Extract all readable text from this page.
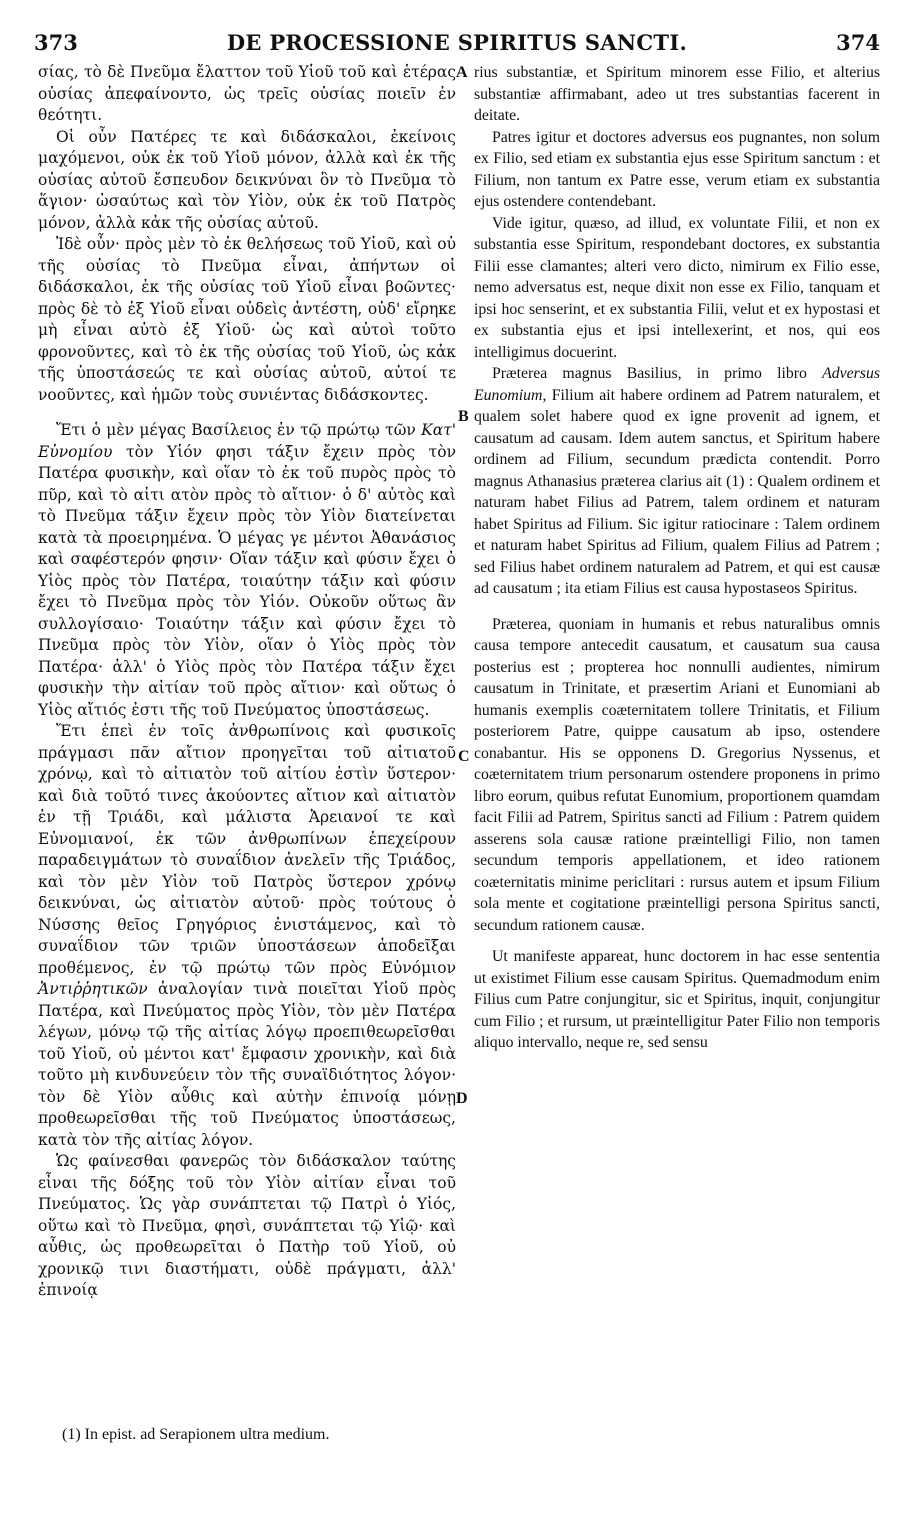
373	DE PROCESSIONE SPIRITUS SANCTI.	374

σίας, τὸ δὲ Πνεῦμα ἔλαττον τοῦ Υἱοῦ τοῦ καὶ ἑτέρας οὐσίας ἀπεφαίνοντο, ὡς τρεῖς οὐσίας ποιεῖν ἐν θεότητι.

Οἱ οὖν Πατέρες τε καὶ διδάσκαλοι, ἐκείνοις μαχόμενοι, οὐκ ἐκ τοῦ Υἱοῦ μόνον, ἀλλὰ καὶ ἐκ τῆς οὐσίας αὐτοῦ ἔσπευδον δεικνύναι ὂν τὸ Πνεῦμα τὸ ἅγιον· ὡσαύτως καὶ τὸν Υἱὸν, οὐκ ἐκ τοῦ Πατρὸς μόνον, ἀλλὰ κἀκ τῆς οὐσίας αὐτοῦ.

Ἰδὲ οὖν· πρὸς μὲν τὸ ἐκ θελήσεως τοῦ Υἱοῦ, καὶ οὐ τῆς οὐσίας τὸ Πνεῦμα εἶναι, ἀπήντων οἱ διδάσκαλοι, ἐκ τῆς οὐσίας τοῦ Υἱοῦ εἶναι βοῶντες· πρὸς δὲ τὸ ἐξ Υἱοῦ εἶναι οὐδεὶς ἀντέστη, οὐδ' εἴρηκε μὴ εἶναι αὐτὸ ἐξ Υἱοῦ· ὡς καὶ αὐτοὶ τοῦτο φρονοῦντες, καὶ τὸ ἐκ τῆς οὐσίας τοῦ Υἱοῦ, ὡς κἀκ τῆς ὑποστάσεώς τε καὶ οὐσίας αὐτοῦ, αὐτοί τε νοοῦντες, καὶ ἡμῶν τοὺς συνιέντας διδάσκοντες.

Ἔτι ὁ μὲν μέγας Βασίλειος ἐν τῷ πρώτῳ τῶν Κατ' Εὐνομίου τὸν Υἱόν φησι τάξιν ἔχειν πρὸς τὸν Πατέρα φυσικὴν, καὶ οἵαν τὸ ἐκ τοῦ πυρὸς πρὸς τὸ πῦρ, καὶ τὸ αἰτι ατὸν πρὸς τὸ αἴτιον· ὁ δ' αὐτὸς καὶ τὸ Πνεῦμα τάξιν ἔχειν πρὸς τὸν Υἱὸν διατείνεται κατὰ τὰ προειρημένα. Ὁ μέγας γε μέντοι Ἀθανάσιος καὶ σαφέστερόν φησιν· Οἵαν τάξιν καὶ φύσιν ἔχει ὁ Υἱὸς πρὸς τὸν Πατέρα, τοιαύτην τάξιν καὶ φύσιν ἔχει τὸ Πνεῦμα πρὸς τὸν Υἱόν. Οὐκοῦν οὕτως ἂν συλλογίσαιο· Τοιαύτην τάξιν καὶ φύσιν ἔχει τὸ Πνεῦμα πρὸς τὸν Υἱὸν, οἵαν ὁ Υἱὸς πρὸς τὸν Πατέρα· ἀλλ' ὁ Υἱὸς πρὸς τὸν Πατέρα τάξιν ἔχει φυσικὴν τὴν αἰτίαν τοῦ πρὸς αἴτιον· καὶ οὕτως ὁ Υἱὸς αἴτιός ἐστι τῆς τοῦ Πνεύματος ὑποστάσεως.

Ἔτι ἐπεὶ ἐν τοῖς ἀνθρωπίνοις καὶ φυσικοῖς πράγμασι πᾶν αἴτιον προηγεῖται τοῦ αἰτιατοῦ χρόνῳ, καὶ τὸ αἰτιατὸν τοῦ αἰτίου ἐστὶν ὕστερον· καὶ διὰ τοῦτό τινες ἀκούοντες αἴτιον καὶ αἰτιατὸν ἐν τῇ Τριάδι, καὶ μάλιστα Ἀρειανοί τε καὶ Εὐνομιανοί, ἐκ τῶν ἀνθρωπίνων ἐπεχείρουν παραδειγμάτων τὸ συναΐδιον ἀνελεῖν τῆς Τριάδος, καὶ τὸν μὲν Υἱὸν τοῦ Πατρὸς ὕστερον χρόνῳ δεικνύναι, ὡς αἰτιατὸν αὐτοῦ· πρὸς τούτους ὁ Νύσσης θεῖος Γρηγόριος ἐνιστάμενος, καὶ τὸ συναΐδιον τῶν τριῶν ὑποστάσεων ἀποδεῖξαι προθέμενος, ἐν τῷ πρώτῳ τῶν πρὸς Εὐνόμιον Ἀντιῤῥητικῶν ἀναλογίαν τινὰ ποιεῖται Υἱοῦ πρὸς Πατέρα, καὶ Πνεύματος πρὸς Υἱὸν, τὸν μὲν Πατέρα λέγων, μόνῳ τῷ τῆς αἰτίας λόγῳ προεπιθεωρεῖσθαι τοῦ Υἱοῦ, οὐ μέντοι κατ' ἔμφασιν χρονικὴν, καὶ διὰ τοῦτο μὴ κινδυνεύειν τὸν τῆς συναϊδιότητος λόγον· τὸν δὲ Υἱὸν αὖθις καὶ αὐτὴν ἐπινοίᾳ μόνῃ προθεωρεῖσθαι τῆς τοῦ Πνεύματος ὑποστάσεως, κατὰ τὸν τῆς αἰτίας λόγον.

Ὡς φαίνεσθαι φανερῶς τὸν διδάσκαλον ταύτης εἶναι τῆς δόξης τοῦ τὸν Υἱὸν αἰτίαν εἶναι τοῦ Πνεύματος. Ὡς γὰρ συνάπτεται τῷ Πατρὶ ὁ Υἱός, οὕτω καὶ τὸ Πνεῦμα, φησὶ, συνάπτεται τῷ Υἱῷ· καὶ αὖθις, ὡς προθεωρεῖται ὁ Πατὴρ τοῦ Υἱοῦ, οὐ χρονικῷ τινι διαστήματι, οὐδὲ πράγματι, ἀλλ' ἐπινοίᾳ

rius substantiæ, et Spiritum minorem esse Filio, et alterius substantiæ affirmabant, adeo ut tres substantias facerent in deitate.

Patres igitur et doctores adversus eos pugnantes, non solum ex Filio, sed etiam ex substantia ejus esse Spiritum sanctum : et Filium, non tantum ex Patre esse, verum etiam ex substantia ejus ostendere contendebant.

Vide igitur, quæso, ad illud, ex voluntate Filii, et non ex substantia esse Spiritum, respondebant doctores, ex substantia Filii esse clamantes; alteri vero dicto, nimirum ex Filio esse, nemo adversatus est, neque dixit non esse ex Filio, tanquam et ipsi hoc senserint, et ex substantia Filii, velut et ex hypostasi et ex substantia ejus et ipsi intellexerint, et nos, qui eos intelligimus docuerint.

Præterea magnus Basilius, in primo libro Adversus Eunomium, Filium ait habere ordinem ad Patrem naturalem, et qualem solet habere quod ex igne provenit ad ignem, et causatum ad causam. Idem autem sanctus, et Spiritum habere ordinem ad Filium, secundum prædicta contendit. Porro magnus Athanasius præterea clarius ait (1) : Qualem ordinem et naturam habet Filius ad Patrem, talem ordinem et naturam habet Spiritus ad Filium. Sic igitur ratiocinare : Talem ordinem et naturam habet Spiritus ad Filium, qualem Filius ad Patrem ; sed Filius habet ordinem naturalem ad Patrem, et qui est causæ ad causatum ; ita etiam Filius est causa hypostaseos Spiritus.

Præterea, quoniam in humanis et rebus naturalibus omnis causa tempore antecedit causatum, et causatum sua causa posterius est ; propterea hoc nonnulli audientes, nimirum causatum in Trinitate, et præsertim Ariani et Eunomiani ab humanis exemplis coæternitatem tollere Trinitatis, et Filium posteriorem Patre, quippe causatum ab ipso, ostendere conabantur. His se opponens D. Gregorius Nyssenus, et coæternitatem trium personarum ostendere proponens in primo libro eorum, quibus refutat Eunomium, proportionem quamdam facit Filii ad Patrem, Spiritus sancti ad Filium : Patrem quidem asserens sola causæ ratione præintelligi Filio, non tamen secundum temporis appellationem, et ideo rationem coæternitatis minime periclitari : rursus autem et ipsum Filium sola mente et cogitatione præintelligi persona Spiritus sancti, secundum rationem causæ.

Ut manifeste appareat, hunc doctorem in hac esse sententia ut existimet Filium esse causam Spiritus. Quemadmodum enim Filius cum Patre conjungitur, sic et Spiritus, inquit, conjungitur cum Filio ; et rursum, ut præintelligitur Pater Filio non temporis aliquo intervallo, neque re, sed sensu

A
B
C
D
(1) In epist. ad Serapionem ultra medium.
